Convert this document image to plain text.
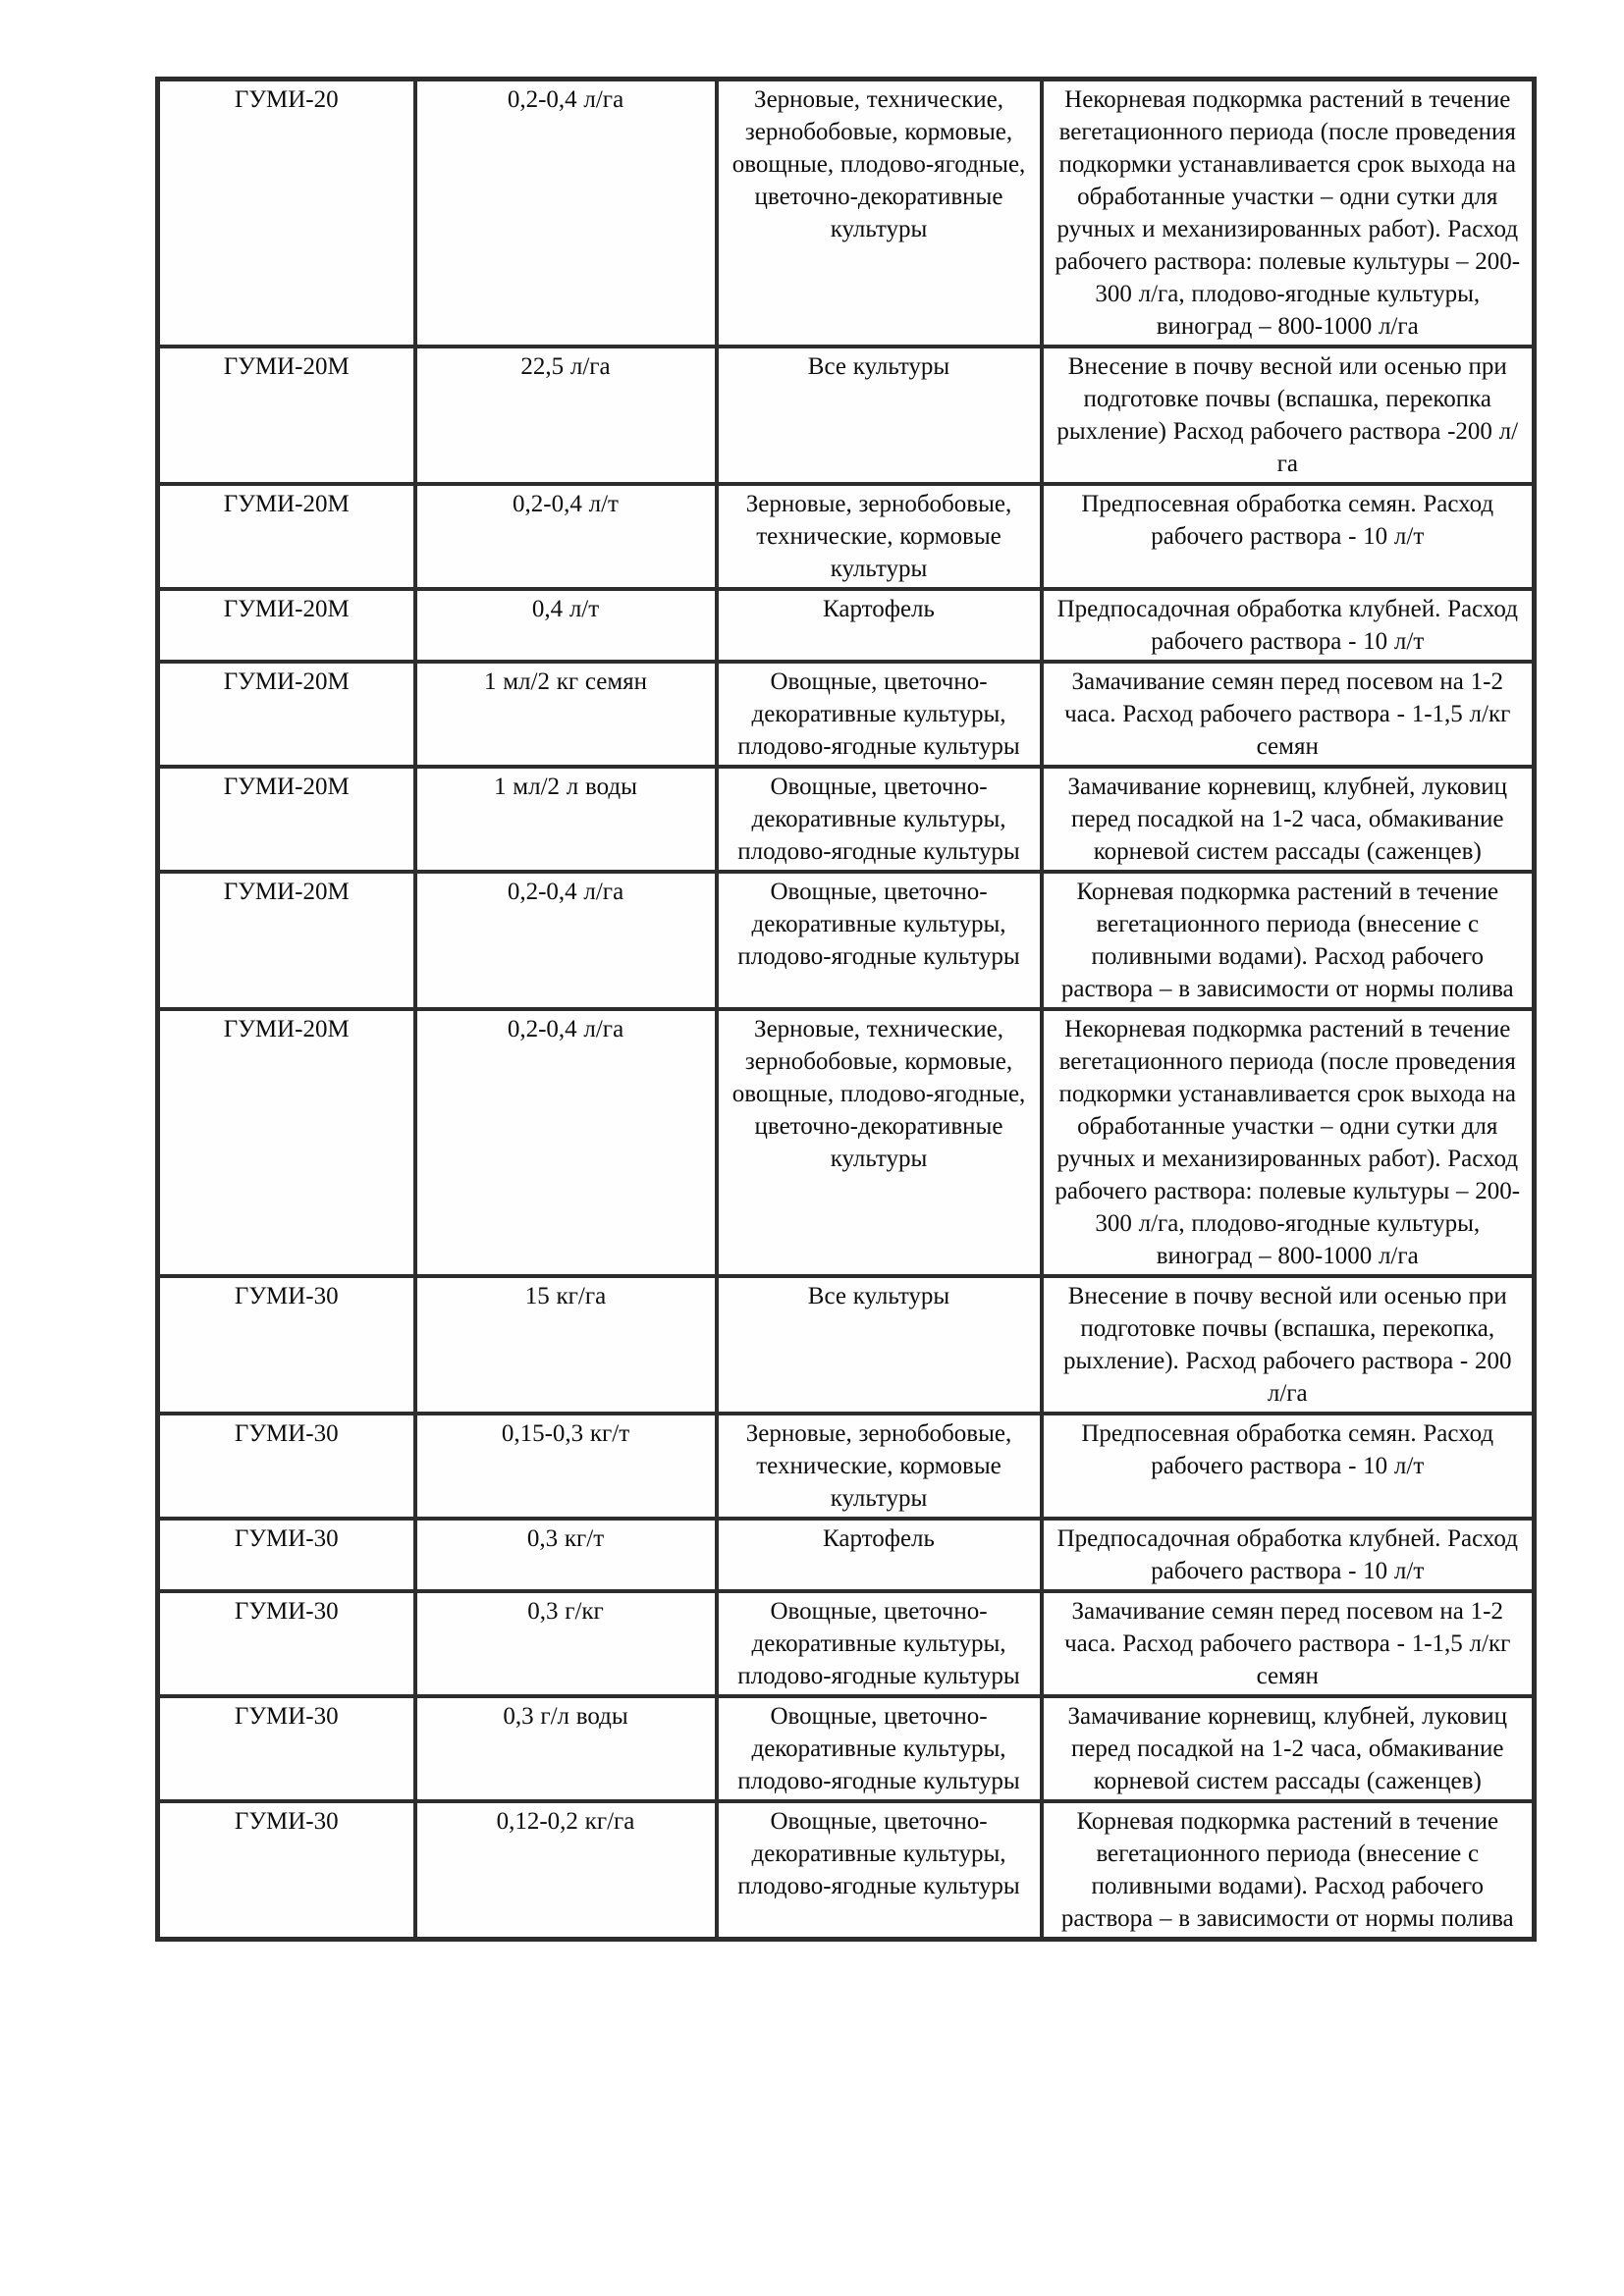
ГУМИ-20	0,2-0,4 л/га	Зерновые, технические, зернобобовые, кормовые, овощные, плодово-ягодные, цветочно-декоративные культуры	Некорневая подкормка растений в течение вегетационного периода (после проведения подкормки устанавливается срок выхода на обработанные участки – одни сутки для ручных и механизированных работ). Расход рабочего раствора: полевые культуры – 200-300 л/га, плодово-ягодные культуры, виноград – 800-1000 л/га
ГУМИ-20М	22,5 л/га	Все культуры	Внесение в почву весной или осенью при подготовке почвы (вспашка, перекопка рыхление) Расход рабочего раствора -200 л/га
ГУМИ-20М	0,2-0,4 л/т	Зерновые, зернобобовые, технические, кормовые культуры	Предпосевная обработка семян. Расход рабочего раствора - 10 л/т
ГУМИ-20М	0,4 л/т	Картофель	Предпосадочная обработка клубней. Расход рабочего раствора - 10 л/т
ГУМИ-20М	1 мл/2 кг семян	Овощные, цветочно-декоративные культуры, плодово-ягодные культуры	Замачивание семян перед посевом на 1-2 часа. Расход рабочего раствора - 1-1,5 л/кг семян
ГУМИ-20М	1 мл/2 л воды	Овощные, цветочно-декоративные культуры, плодово-ягодные культуры	Замачивание корневищ, клубней, луковиц перед посадкой на 1-2 часа, обмакивание корневой систем рассады (саженцев)
ГУМИ-20М	0,2-0,4 л/га	Овощные, цветочно-декоративные культуры, плодово-ягодные культуры	Корневая подкормка растений в течение вегетационного периода (внесение с поливными водами). Расход рабочего раствора – в зависимости от нормы полива
ГУМИ-20М	0,2-0,4 л/га	Зерновые, технические, зернобобовые, кормовые, овощные, плодово-ягодные, цветочно-декоративные культуры	Некорневая подкормка растений в течение вегетационного периода (после проведения подкормки устанавливается срок выхода на обработанные участки – одни сутки для ручных и механизированных работ). Расход рабочего раствора: полевые культуры – 200-300 л/га, плодово-ягодные культуры, виноград – 800-1000 л/га
ГУМИ-30	15 кг/га	Все культуры	Внесение в почву весной или осенью при подготовке почвы (вспашка, перекопка, рыхление). Расход рабочего раствора - 200 л/га
ГУМИ-30	0,15-0,3 кг/т	Зерновые, зернобобовые, технические, кормовые культуры	Предпосевная обработка семян. Расход рабочего раствора - 10 л/т
ГУМИ-30	0,3 кг/т	Картофель	Предпосадочная обработка клубней. Расход рабочего раствора - 10 л/т
ГУМИ-30	0,3 г/кг	Овощные, цветочно-декоративные культуры, плодово-ягодные культуры	Замачивание семян перед посевом на 1-2 часа. Расход рабочего раствора - 1-1,5 л/кг семян
ГУМИ-30	0,3 г/л воды	Овощные, цветочно-декоративные культуры, плодово-ягодные культуры	Замачивание корневищ, клубней, луковиц перед посадкой на 1-2 часа, обмакивание корневой систем рассады (саженцев)
ГУМИ-30	0,12-0,2 кг/га	Овощные, цветочно-декоративные культуры, плодово-ягодные культуры	Корневая подкормка растений в течение вегетационного периода (внесение с поливными водами). Расход рабочего раствора – в зависимости от нормы полива
